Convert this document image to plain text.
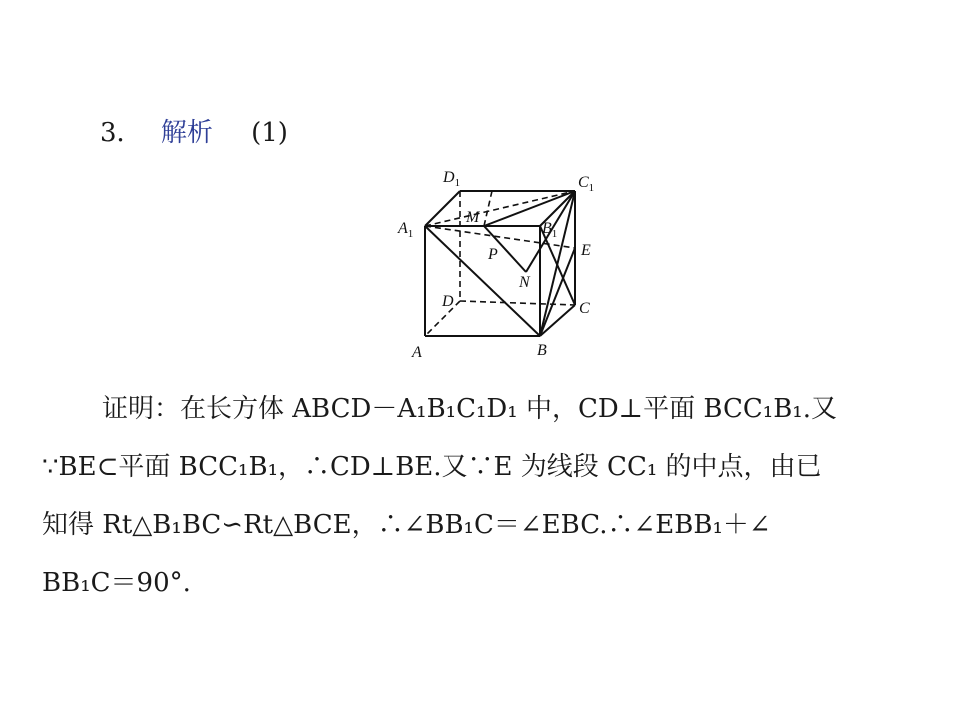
3． 解析 (1)
$D_1$	$C_1$
$A_1$	$B_1$
M
P
N
E
D	C
A	B
证明：在长方体 ABCD－A₁B₁C₁D₁ 中，CD⊥平面 BCC₁B₁.又
∵BE⊂平面 BCC₁B₁，∴CD⊥BE.又∵E 为线段 CC₁ 的中点，由已
知得 Rt△B₁BC∽Rt△BCE，∴∠BB₁C＝∠EBC.∴∠EBB₁＋∠
BB₁C＝90°.
